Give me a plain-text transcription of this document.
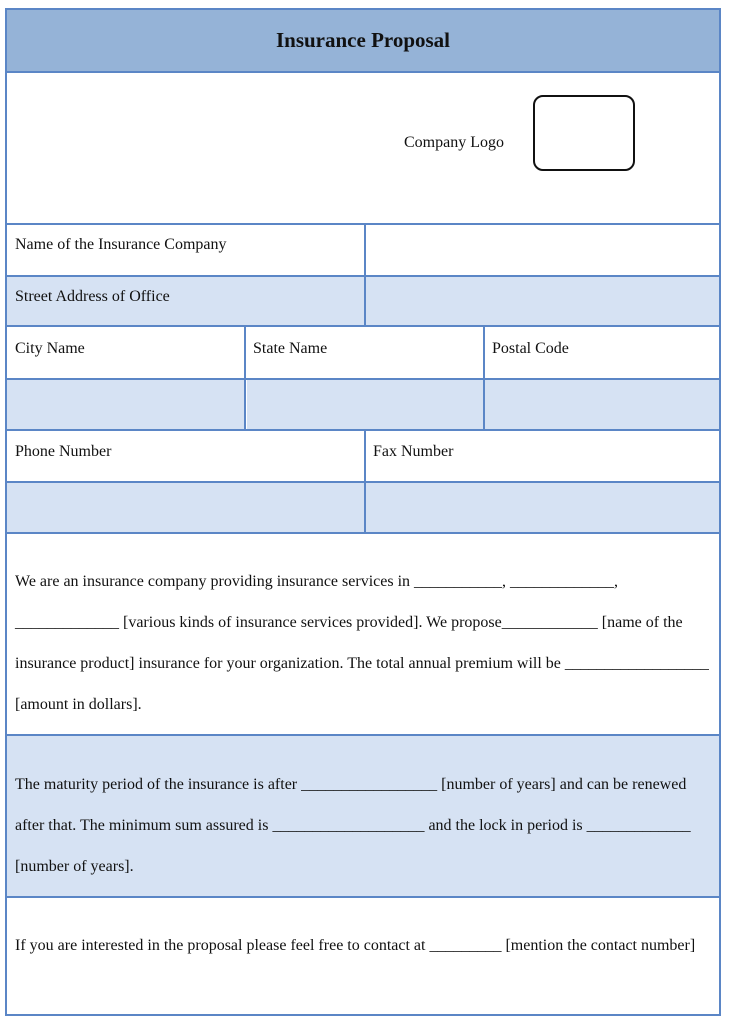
Insurance Proposal
Company Logo
Name of the Insurance Company
Street Address of Office
City Name	State Name	Postal Code
Phone Number	Fax Number

We are an insurance company providing insurance services in ___________, _____________, _____________ [various kinds of insurance services provided]. We propose____________ [name of the insurance product] insurance for your organization. The total annual premium will be __________________ [amount in dollars].

The maturity period of the insurance is after _________________ [number of years] and can be renewed after that. The minimum sum assured is ___________________ and the lock in period is _____________ [number of years].

If you are interested in the proposal please feel free to contact at _________ [mention the contact number]
